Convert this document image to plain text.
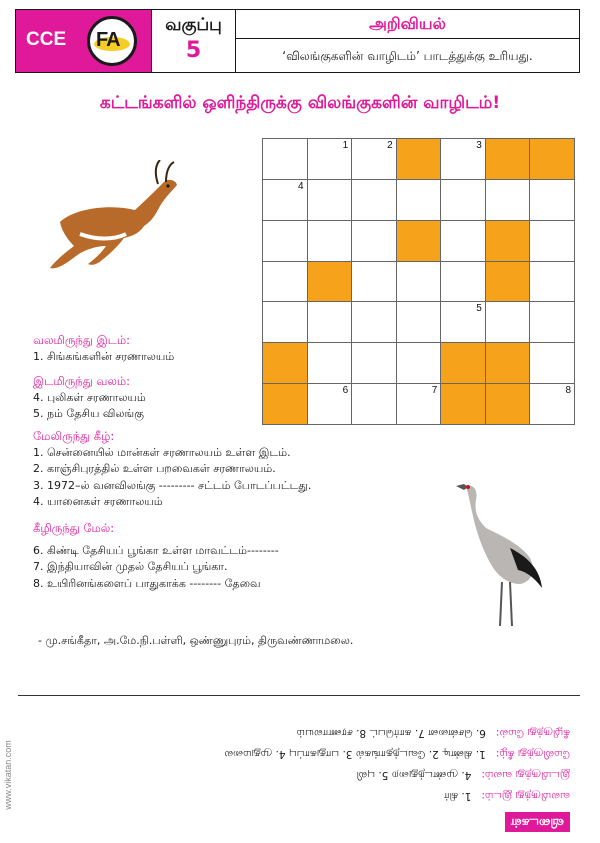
CCE FA
வகுப்பு
5
அறிவியல்
‘விலங்குகளின் வாழிடம்’ பாடத்துக்கு உரியது.
கட்டங்களில் ஒளிந்திருக்கு விலங்குகளின் வாழிடம்!
1	2	3
4
5
6	7	8
வலமிருந்து இடம்:
1. சிங்கங்களின் சரணாலயம்
இடமிருந்து வலம்:
4. புலிகள் சரணாலயம்
5. நம் தேசிய விலங்கு
மேலிருந்து கீழ்:
1. சென்னையில் மான்கள் சரணாலயம் உள்ள இடம்.
2. காஞ்சிபுரத்தில் உள்ள பறவைகள் சரணாலயம்.
3. 1972–ல் வனவிலங்கு --------- சட்டம் போடப்பட்டது.
4. யானைகள் சரணாலயம்
கீழிருந்து மேல்:
6. கிண்டி தேசியப் பூங்கா உள்ள மாவட்டம்--------
7. இந்தியாவின் முதல் தேசியப் பூங்கா.
8. உயிரினங்களைப் பாதுகாக்க -------- தேவை
- மு.சங்கீதா, அ.மே.நி.பள்ளி, ஒண்ணுபுரம், திருவண்ணாமலை.
விடைகள்
வலமிருந்து இடம்:1. கிர்
இடமிருந்து வலம்:4. முண்டந்துறை 5. புலி
மேலிருந்து கீழ்:1. கிண்டி 2. வேடந்தாங்கல் 3. பாதுகாப்பு 4. முதுமலை
கீழிருந்து மேல்:6. சென்னை 7. கார்பெட் 8. சரணாலயம்
www.vikatan.com
